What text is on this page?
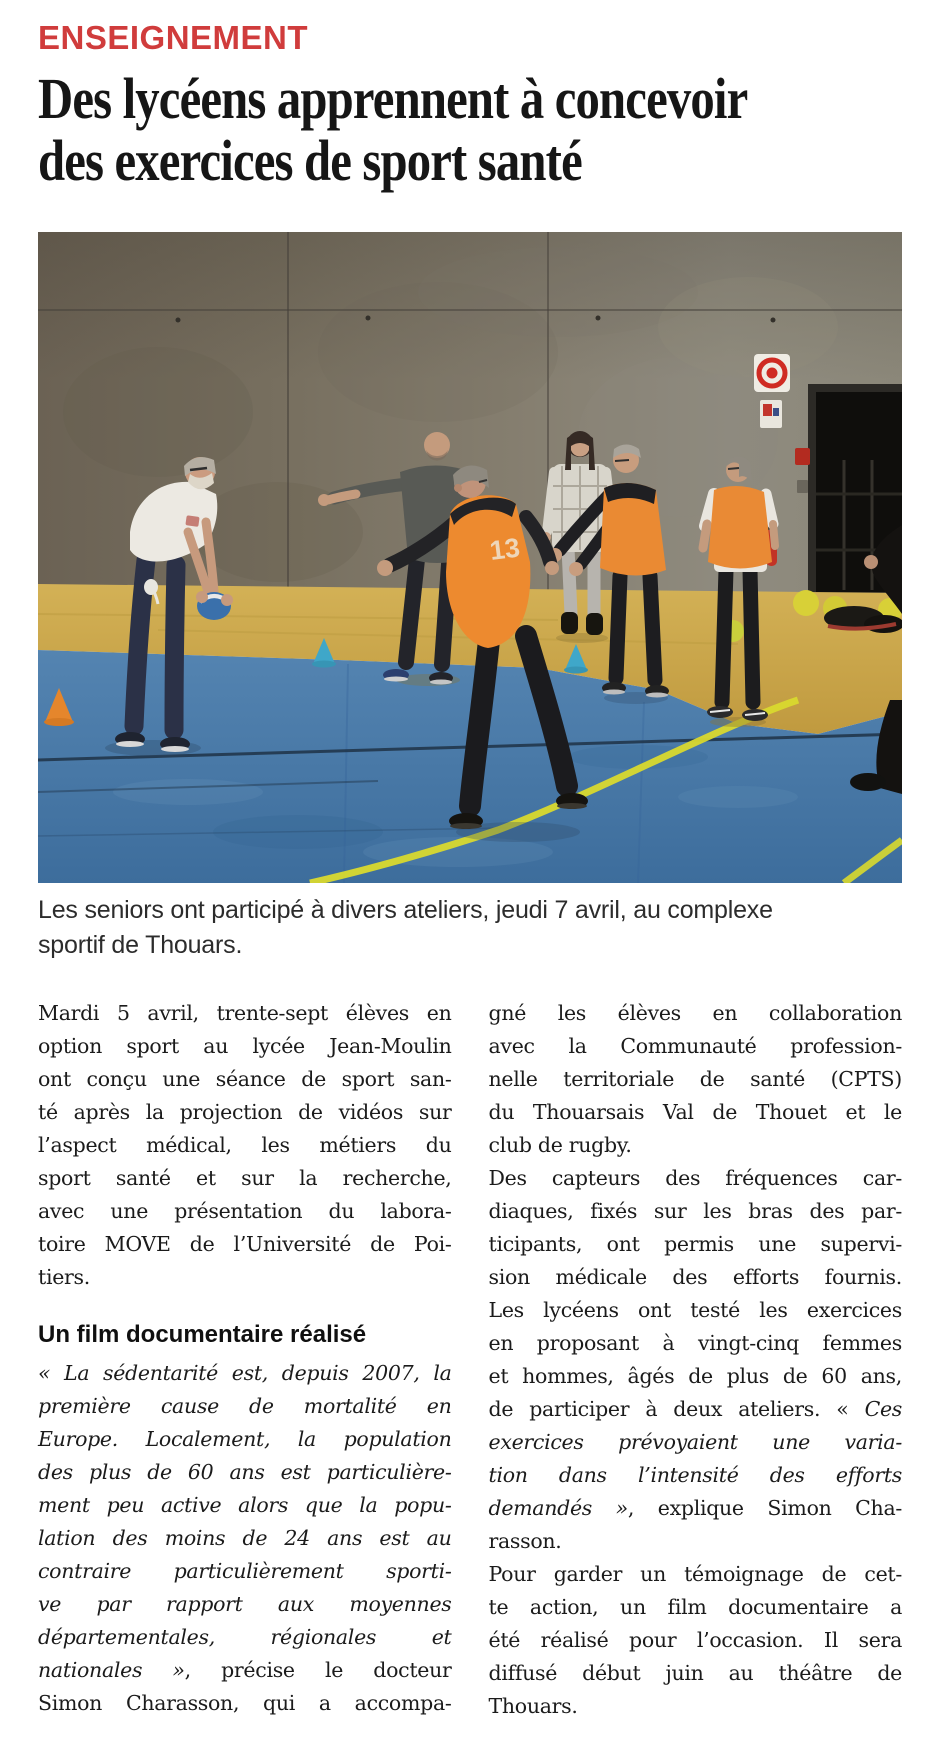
ENSEIGNEMENT
Des lycéens apprennent à concevoir
des exercices de sport santé
13
Les seniors ont participé à divers ateliers, jeudi 7 avril, au complexe
sportif de Thouars.
Mardi 5 avril, trente-sept élèves en
option sport au lycée Jean-Moulin
ont conçu une séance de sport san-
té après la projection de vidéos sur
l’aspect médical, les métiers du
sport santé et sur la recherche,
avec une présentation du labora-
toire MOVE de l’Université de Poi-
tiers.
Un film documentaire réalisé
« La sédentarité est, depuis 2007, la
première cause de mortalité en
Europe. Localement, la population
des plus de 60 ans est particulière-
ment peu active alors que la popu-
lation des moins de 24 ans est au
contraire particulièrement sporti-
ve par rapport aux moyennes
départementales, régionales et
nationales », précise le docteur
Simon Charasson, qui a accompa-
gné les élèves en collaboration
avec la Communauté profession-
nelle territoriale de santé (CPTS)
du Thouarsais Val de Thouet et le
club de rugby.
Des capteurs des fréquences car-
diaques, fixés sur les bras des par-
ticipants, ont permis une supervi-
sion médicale des efforts fournis.
Les lycéens ont testé les exercices
en proposant à vingt-cinq femmes
et hommes, âgés de plus de 60 ans,
de participer à deux ateliers. « Ces
exercices prévoyaient une varia-
tion dans l’intensité des efforts
demandés », explique Simon Cha-
rasson.
Pour garder un témoignage de cet-
te action, un film documentaire a
été réalisé pour l’occasion. Il sera
diffusé début juin au théâtre de
Thouars.
